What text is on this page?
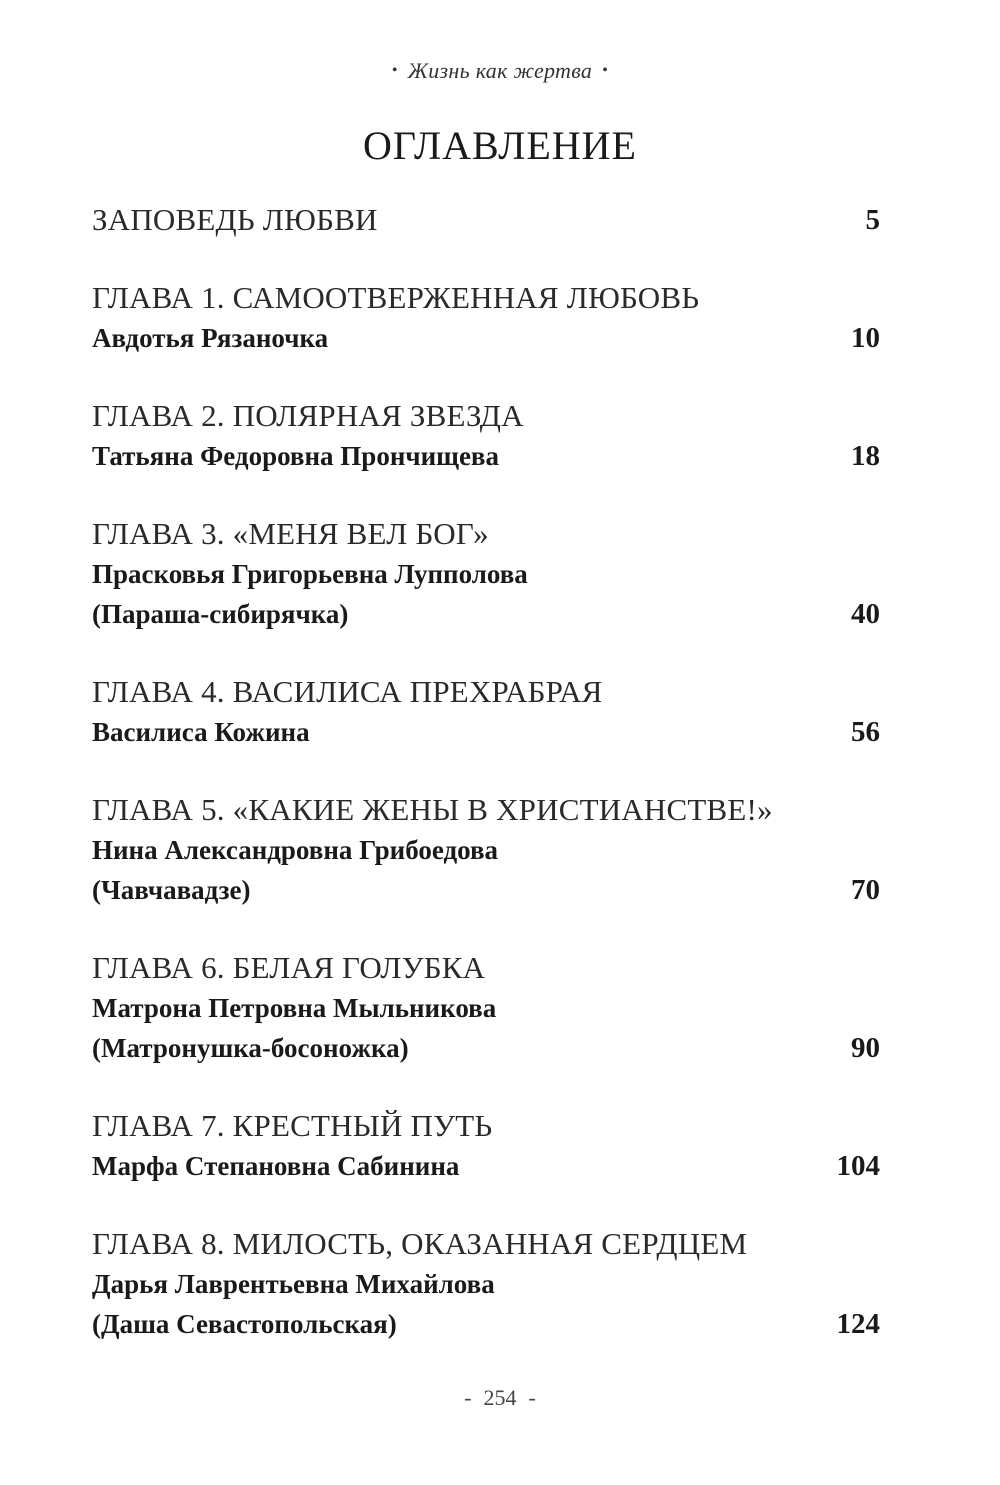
• Жизнь как жертва •
ОГЛАВЛЕНИЕ
ЗАПОВЕДЬ ЛЮБВИ	5
ГЛАВА 1. САМООТВЕРЖЕННАЯ ЛЮБОВЬ
Авдотья Рязаночка	10
ГЛАВА 2. ПОЛЯРНАЯ ЗВЕЗДА
Татьяна Федоровна Прончищева	18
ГЛАВА 3. «МЕНЯ ВЕЛ БОГ»
Прасковья Григорьевна Лупполова
(Параша-сибирячка)	40
ГЛАВА 4. ВАСИЛИСА ПРЕХРАБРАЯ
Василиса Кожина	56
ГЛАВА 5. «КАКИЕ ЖЕНЫ В ХРИСТИАНСТВЕ!»
Нина Александровна Грибоедова
(Чавчавадзе)	70
ГЛАВА 6. БЕЛАЯ ГОЛУБКА
Матрона Петровна Мыльникова
(Матронушка-босоножка)	90
ГЛАВА 7. КРЕСТНЫЙ ПУТЬ
Марфа Степановна Сабинина	104
ГЛАВА 8. МИЛОСТЬ, ОКАЗАННАЯ СЕРДЦЕМ
Дарья Лаврентьевна Михайлова
(Даша Севастопольская)	124
- 254 -
